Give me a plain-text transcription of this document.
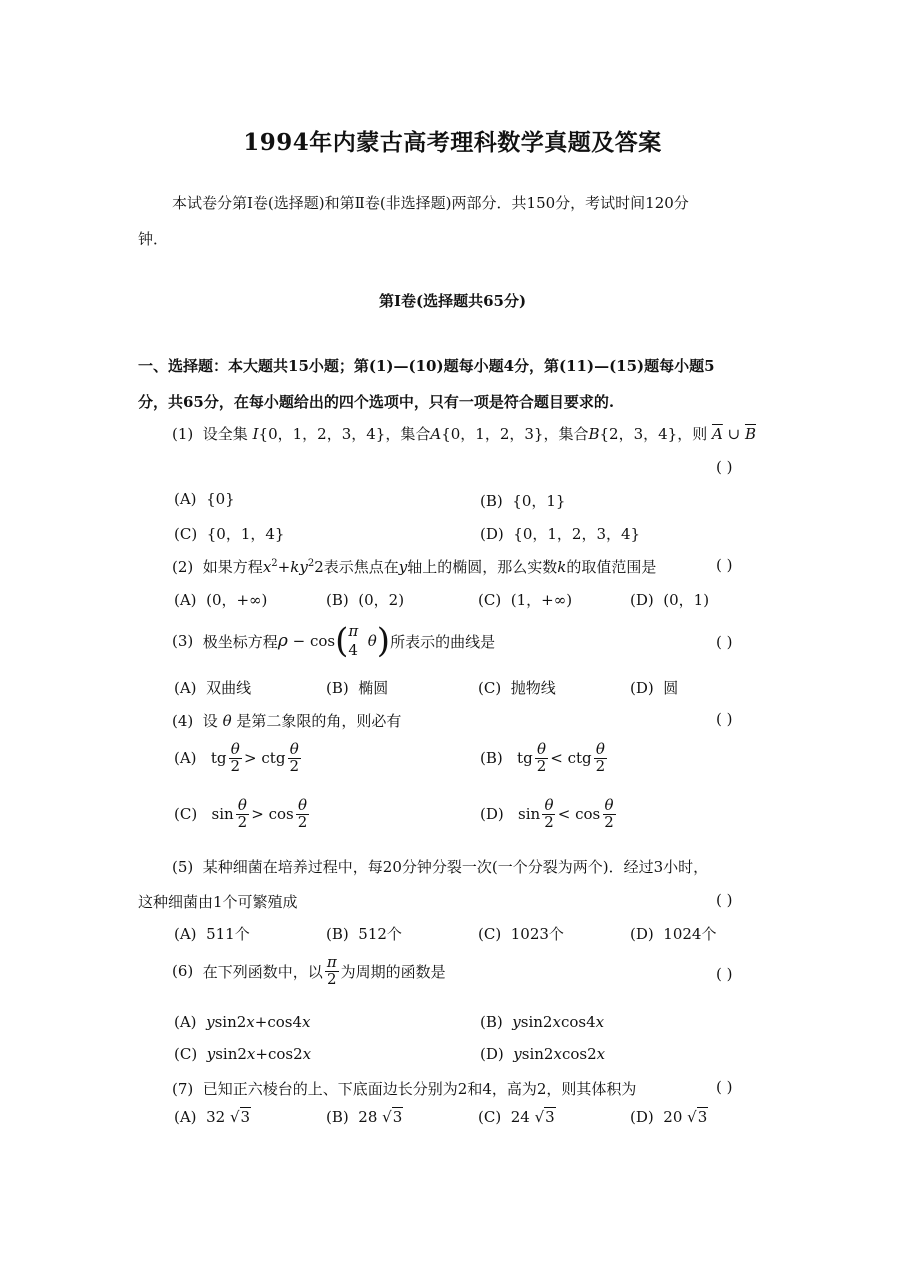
1994年内蒙古高考理科数学真题及答案
本试卷分第Ⅰ卷(选择题)和第Ⅱ卷(非选择题)两部分．共150分，考试时间120分
钟．
第Ⅰ卷(选择题共65分)
一、选择题：本大题共15小题；第(1)—(10)题每小题4分，第(11)—(15)题每小题5
分，共65分，在每小题给出的四个选项中，只有一项是符合题目要求的.
(1) 设全集 I{0，1，2，3，4}，集合A{0，1，2，3}，集合B{2，3，4}，则 $\overline{A}$ ∪ $\overline{B}$
( )
(A) {0}	(B) {0，1}
(C) {0，1，4}	(D) {0，1，2，3，4}
(2) 如果方程$x^2+ky^22$表示焦点在y轴上的椭圆，那么实数k的取值范围是	( )
(A) (0，+∞)	(B) (0，2)	(C) (1，+∞)	(D) (0，1)
(3)
极坐标方程 ρ
−
cos ( π
4
θ ) 所表示的曲线是	( )
(A) 双曲线	(B) 椭圆	(C) 抛物线	(D) 圆
(4) 设 θ 是第二象限的角，则必有	( )
(A)
tg $\frac{\theta}{2}$ >
ctg $\frac{\theta}{2}$	(B)
tg $\frac{\theta}{2}$ <
ctg $\frac{\theta}{2}$
(C)
$\sin \frac{\theta}{2}$ >
$\cos \frac{\theta}{2}$	(D)
$\sin \frac{\theta}{2}$ <
$\cos \frac{\theta}{2}$
(5) 某种细菌在培养过程中，每20分钟分裂一次(一个分裂为两个)．经过3小时，
这种细菌由1个可繁殖成	( )
(A) 511个	(B) 512个	(C) 1023个	(D) 1024个
(6)
在下列函数中，以 $\frac{\pi}{2}$ 为周期的函数是	( )
(A) ysin2x+cos4x	(B) ysin2xcos4x
(C) ysin2x+cos2x	(D) ysin2xcos2x
(7) 已知正六棱台的上、下底面边长分别为2和4，高为2，则其体积为	( )
(A) 32 √3	(B) 28 √3	(C) 24 √3	(D) 20 √3
